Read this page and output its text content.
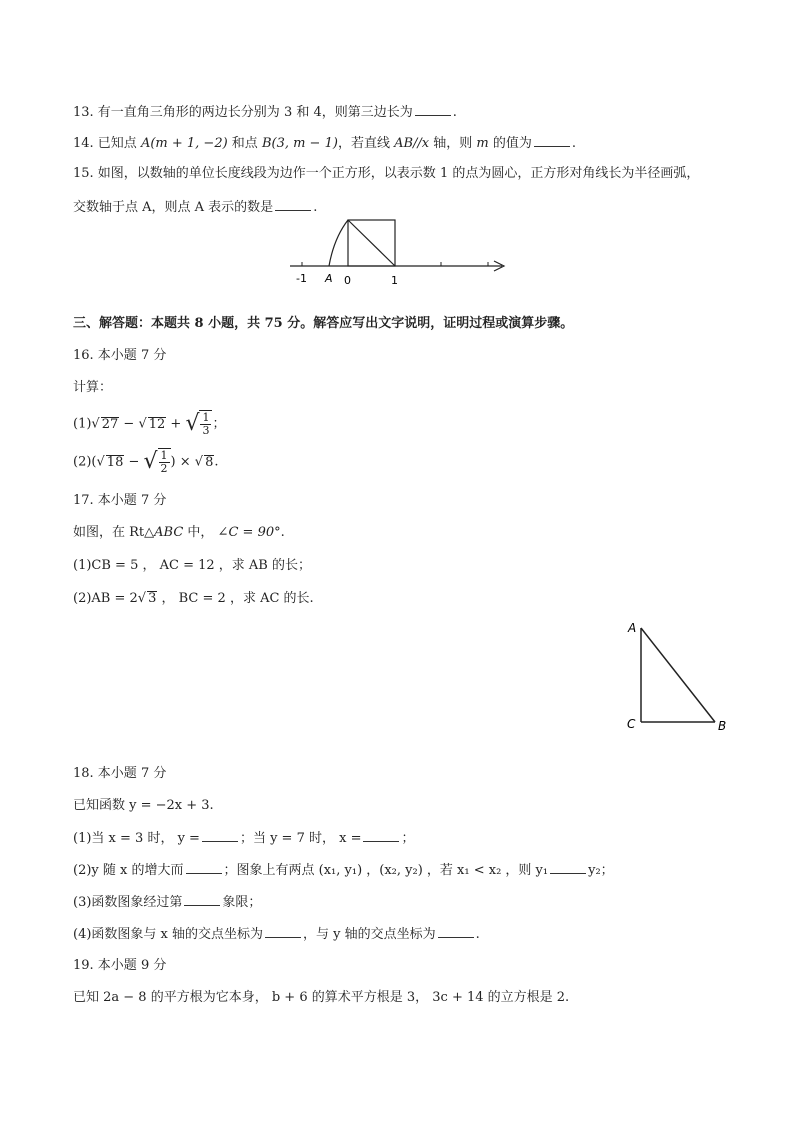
13. 有一直角三角形的两边长分别为 3 和 4，则第三边长为	.
14. 已知点 A(m + 1, −2) 和点 B(3, m − 1)，若直线 AB//x 轴，则 m 的值为	.
15. 如图，以数轴的单位长度线段为边作一个正方形，以表示数 1 的点为圆心，正方形对角线长为半径画弧，
交数轴于点 A，则点 A 表示的数是	.
-1 A 0	1
三、解答题：本题共 8 小题，共 75 分。解答应写出文字说明，证明过程或演算步骤。
16. 本小题 7 分
计算：
(1)√ 27 − √ 12 + √ $\frac{1}{3}$ ；
(2)(√ 18 − √ $\frac{1}{2}$ ) × √ 8.
17. 本小题 7 分
如图，在 Rt△ABC 中， ∠C = 90°.
(1)CB = 5 ， AC = 12 ，求 AB 的长；
(2)AB = 2√ 3 ， BC = 2 ，求 AC 的长.
A
C	B
18. 本小题 7 分
已知函数 y = −2x + 3.
(1)当 x = 3 时， y =	；当 y = 7 时， x =	；
(2)y 随 x 的增大而	；图象上有两点 (x₁, y₁) ，(x₂, y₂) ，若 x₁ < x₂ ，则 y₁	y₂；
(3)函数图象经过第	象限；
(4)函数图象与 x 轴的交点坐标为	，与 y 轴的交点坐标为	.
19. 本小题 9 分
已知 2a − 8 的平方根为它本身， b + 6 的算术平方根是 3， 3c + 14 的立方根是 2.
